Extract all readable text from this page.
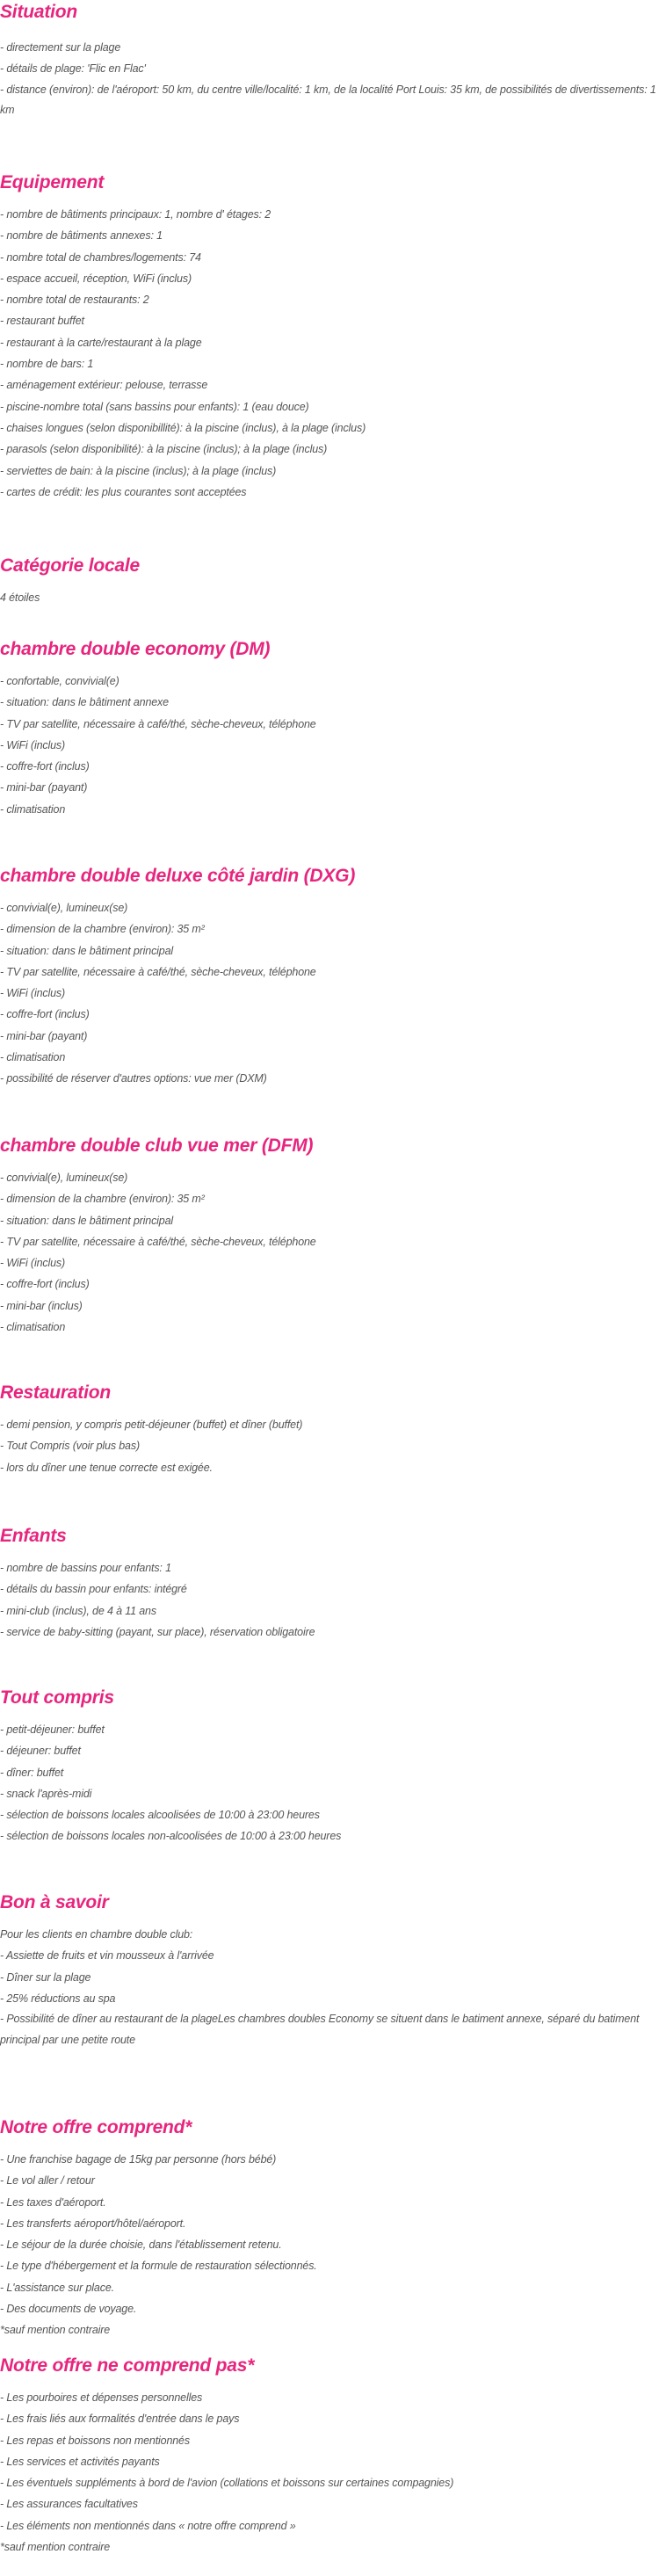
Situation
- directement sur la plage
- détails de plage: 'Flic en Flac'
- distance (environ): de l'aéroport: 50 km, du centre ville/localité: 1 km, de la localité Port Louis: 35 km, de possibilités de divertissements: 1 km
Equipement
- nombre de bâtiments principaux: 1, nombre d' étages: 2
- nombre de bâtiments annexes: 1
- nombre total de chambres/logements: 74
- espace accueil, réception, WiFi (inclus)
- nombre total de restaurants: 2
- restaurant buffet
- restaurant à la carte/restaurant à la plage
- nombre de bars: 1
- aménagement extérieur: pelouse, terrasse
- piscine-nombre total (sans bassins pour enfants): 1 (eau douce)
- chaises longues (selon disponibillité): à la piscine (inclus), à la plage (inclus)
- parasols (selon disponibilité): à la piscine (inclus); à la plage (inclus)
- serviettes de bain: à la piscine (inclus); à la plage (inclus)
- cartes de crédit: les plus courantes sont acceptées
Catégorie locale
4 étoiles
chambre double economy (DM)
- confortable, convivial(e)
- situation: dans le bâtiment annexe
- TV par satellite, nécessaire à café/thé, sèche-cheveux, téléphone
- WiFi (inclus)
- coffre-fort (inclus)
- mini-bar (payant)
- climatisation
chambre double deluxe côté jardin (DXG)
- convivial(e), lumineux(se)
- dimension de la chambre (environ): 35 m²
- situation: dans le bâtiment principal
- TV par satellite, nécessaire à café/thé, sèche-cheveux, téléphone
- WiFi (inclus)
- coffre-fort (inclus)
- mini-bar (payant)
- climatisation
- possibilité de réserver d'autres options: vue mer (DXM)
chambre double club vue mer (DFM)
- convivial(e), lumineux(se)
- dimension de la chambre (environ): 35 m²
- situation: dans le bâtiment principal
- TV par satellite, nécessaire à café/thé, sèche-cheveux, téléphone
- WiFi (inclus)
- coffre-fort (inclus)
- mini-bar (inclus)
- climatisation
Restauration
- demi pension, y compris petit-déjeuner (buffet) et dîner (buffet)
- Tout Compris (voir plus bas)
- lors du dîner une tenue correcte est exigée.
Enfants
- nombre de bassins pour enfants: 1
- détails du bassin pour enfants: intégré
- mini-club (inclus), de 4 à 11 ans
- service de baby-sitting (payant, sur place), réservation obligatoire
Tout compris
- petit-déjeuner: buffet
- déjeuner: buffet
- dîner: buffet
- snack l'après-midi
- sélection de boissons locales alcoolisées de 10:00 à 23:00 heures
- sélection de boissons locales non-alcoolisées de 10:00 à 23:00 heures
Bon à savoir
Pour les clients en chambre double club:
- Assiette de fruits et vin mousseux à l'arrivée
- Dîner sur la plage
- 25% réductions au spa
- Possibilité de dîner au restaurant de la plageLes chambres doubles Economy se situent dans le batiment annexe, séparé du batiment principal par une petite route
Notre offre comprend*
- Une franchise bagage de 15kg par personne (hors bébé)
- Le vol aller / retour
- Les taxes d'aéroport.
- Les transferts aéroport/hôtel/aéroport.
- Le séjour de la durée choisie, dans l'établissement retenu.
- Le type d'hébergement et la formule de restauration sélectionnés.
- L'assistance sur place.
- Des documents de voyage.
*sauf mention contraire
Notre offre ne comprend pas*
- Les pourboires et dépenses personnelles
- Les frais liés aux formalités d'entrée dans le pays
- Les repas et boissons non mentionnés
- Les services et activités payants
- Les éventuels suppléments à bord de l'avion (collations et boissons sur certaines compagnies)
- Les assurances facultatives
- Les éléments non mentionnés dans « notre offre comprend »
*sauf mention contraire
